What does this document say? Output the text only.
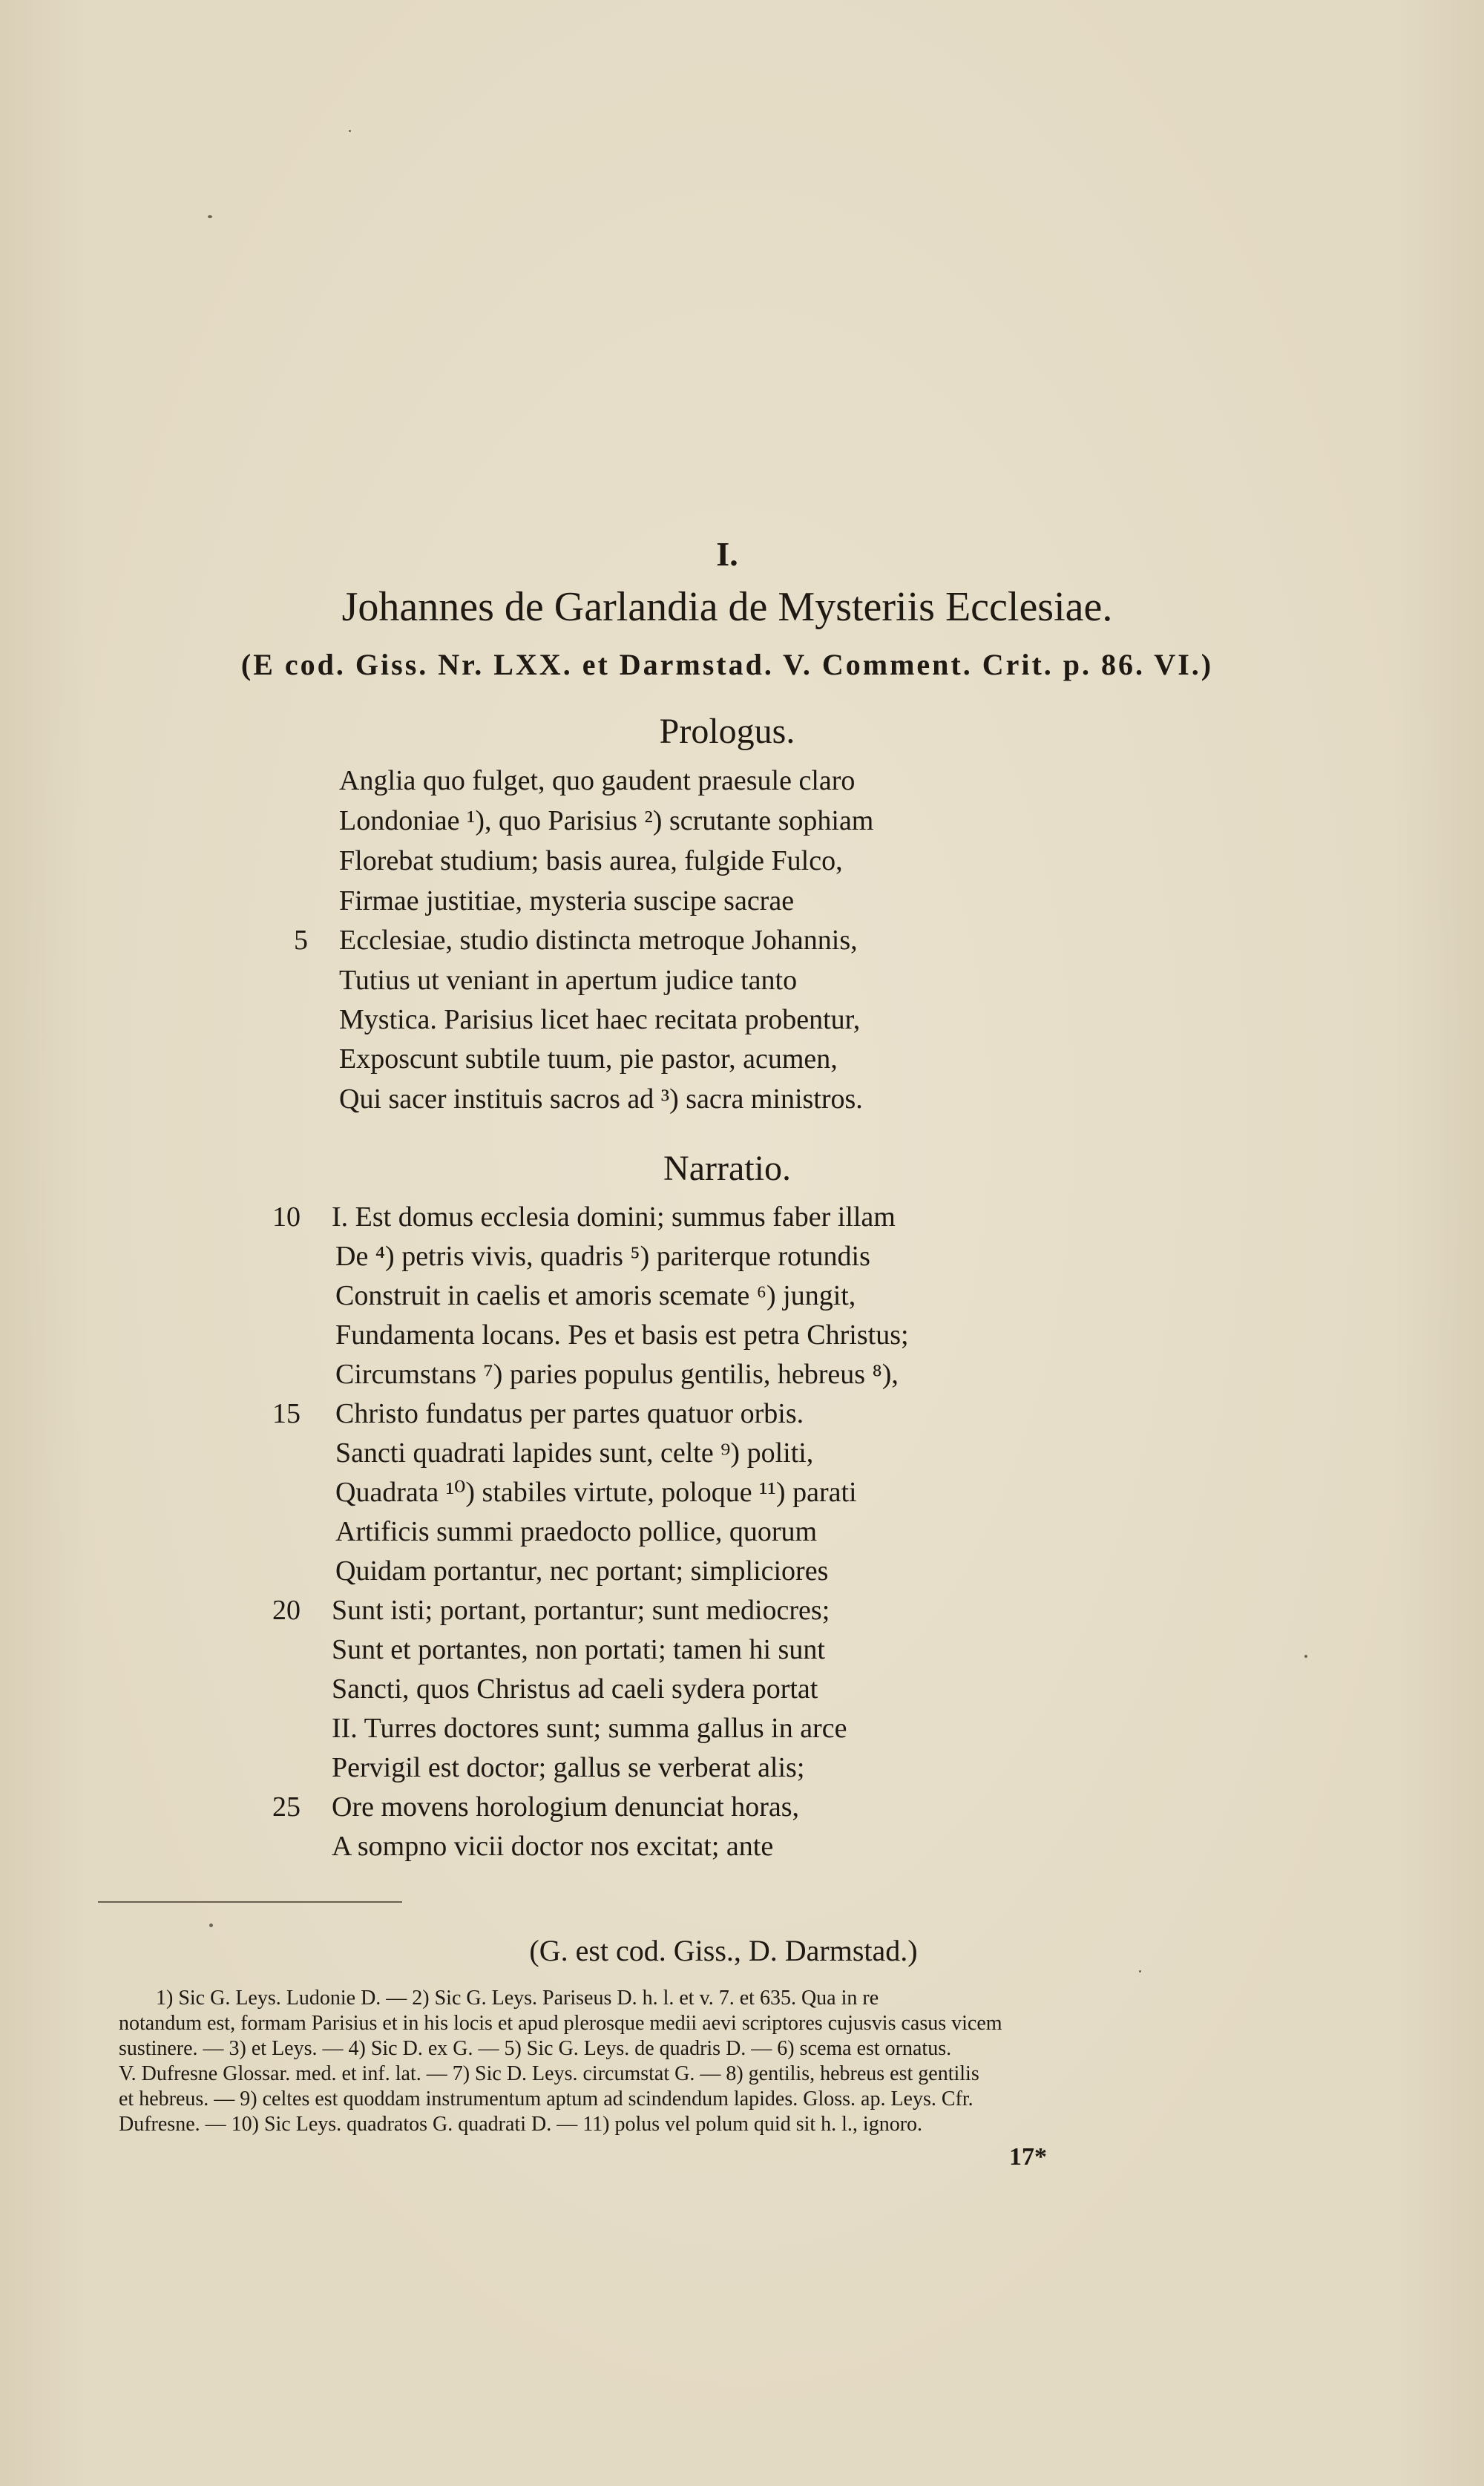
I.
Johannes de Garlandia de Mysteriis Ecclesiae.
(E cod. Giss. Nr. LXX. et Darmstad. V. Comment. Crit. p. 86. VI.)
Prologus.
Anglia quo fulget, quo gaudent praesule claro
Londoniae ¹), quo Parisius ²) scrutante sophiam
Florebat studium; basis aurea, fulgide Fulco,
Firmae justitiae, mysteria suscipe sacrae
5 Ecclesiae, studio distincta metroque Johannis,
Tutius ut veniant in apertum judice tanto
Mystica. Parisius licet haec recitata probentur,
Exposcunt subtile tuum, pie pastor, acumen,
Qui sacer instituis sacros ad ³) sacra ministros.
Narratio.
10 I. Est domus ecclesia domini; summus faber illam
De ⁴) petris vivis, quadris ⁵) pariterque rotundis
Construit in caelis et amoris scemate ⁶) jungit,
Fundamenta locans. Pes et basis est petra Christus;
Circumstans ⁷) paries populus gentilis, hebreus ⁸),
15 Christo fundatus per partes quatuor orbis.
Sancti quadrati lapides sunt, celte ⁹) politi,
Quadrata ¹⁰) stabiles virtute, poloque ¹¹) parati
Artificis summi praedocto pollice, quorum
Quidam portantur, nec portant; simpliciores
20 Sunt isti; portant, portantur; sunt mediocres;
Sunt et portantes, non portati; tamen hi sunt
Sancti, quos Christus ad caeli sydera portat
II. Turres doctores sunt; summa gallus in arce
Pervigil est doctor; gallus se verberat alis;
25 Ore movens horologium denunciat horas,
A sompno vicii doctor nos excitat; ante
(G. est cod. Giss., D. Darmstad.)
1) Sic G. Leys. Ludonie D. — 2) Sic G. Leys. Pariseus D. h. l. et v. 7. et 635. Qua in re
notandum est, formam Parisius et in his locis et apud plerosque medii aevi scriptores cujusvis casus vicem
sustinere. — 3) et Leys. — 4) Sic D. ex G. — 5) Sic G. Leys. de quadris D. — 6) scema est ornatus.
V. Dufresne Glossar. med. et inf. lat. — 7) Sic D. Leys. circumstat G. — 8) gentilis, hebreus est gentilis
et hebreus. — 9) celtes est quoddam instrumentum aptum ad scindendum lapides. Gloss. ap. Leys. Cfr.
Dufresne. — 10) Sic Leys. quadratos G. quadrati D. — 11) polus vel polum quid sit h. l., ignoro.
17*
